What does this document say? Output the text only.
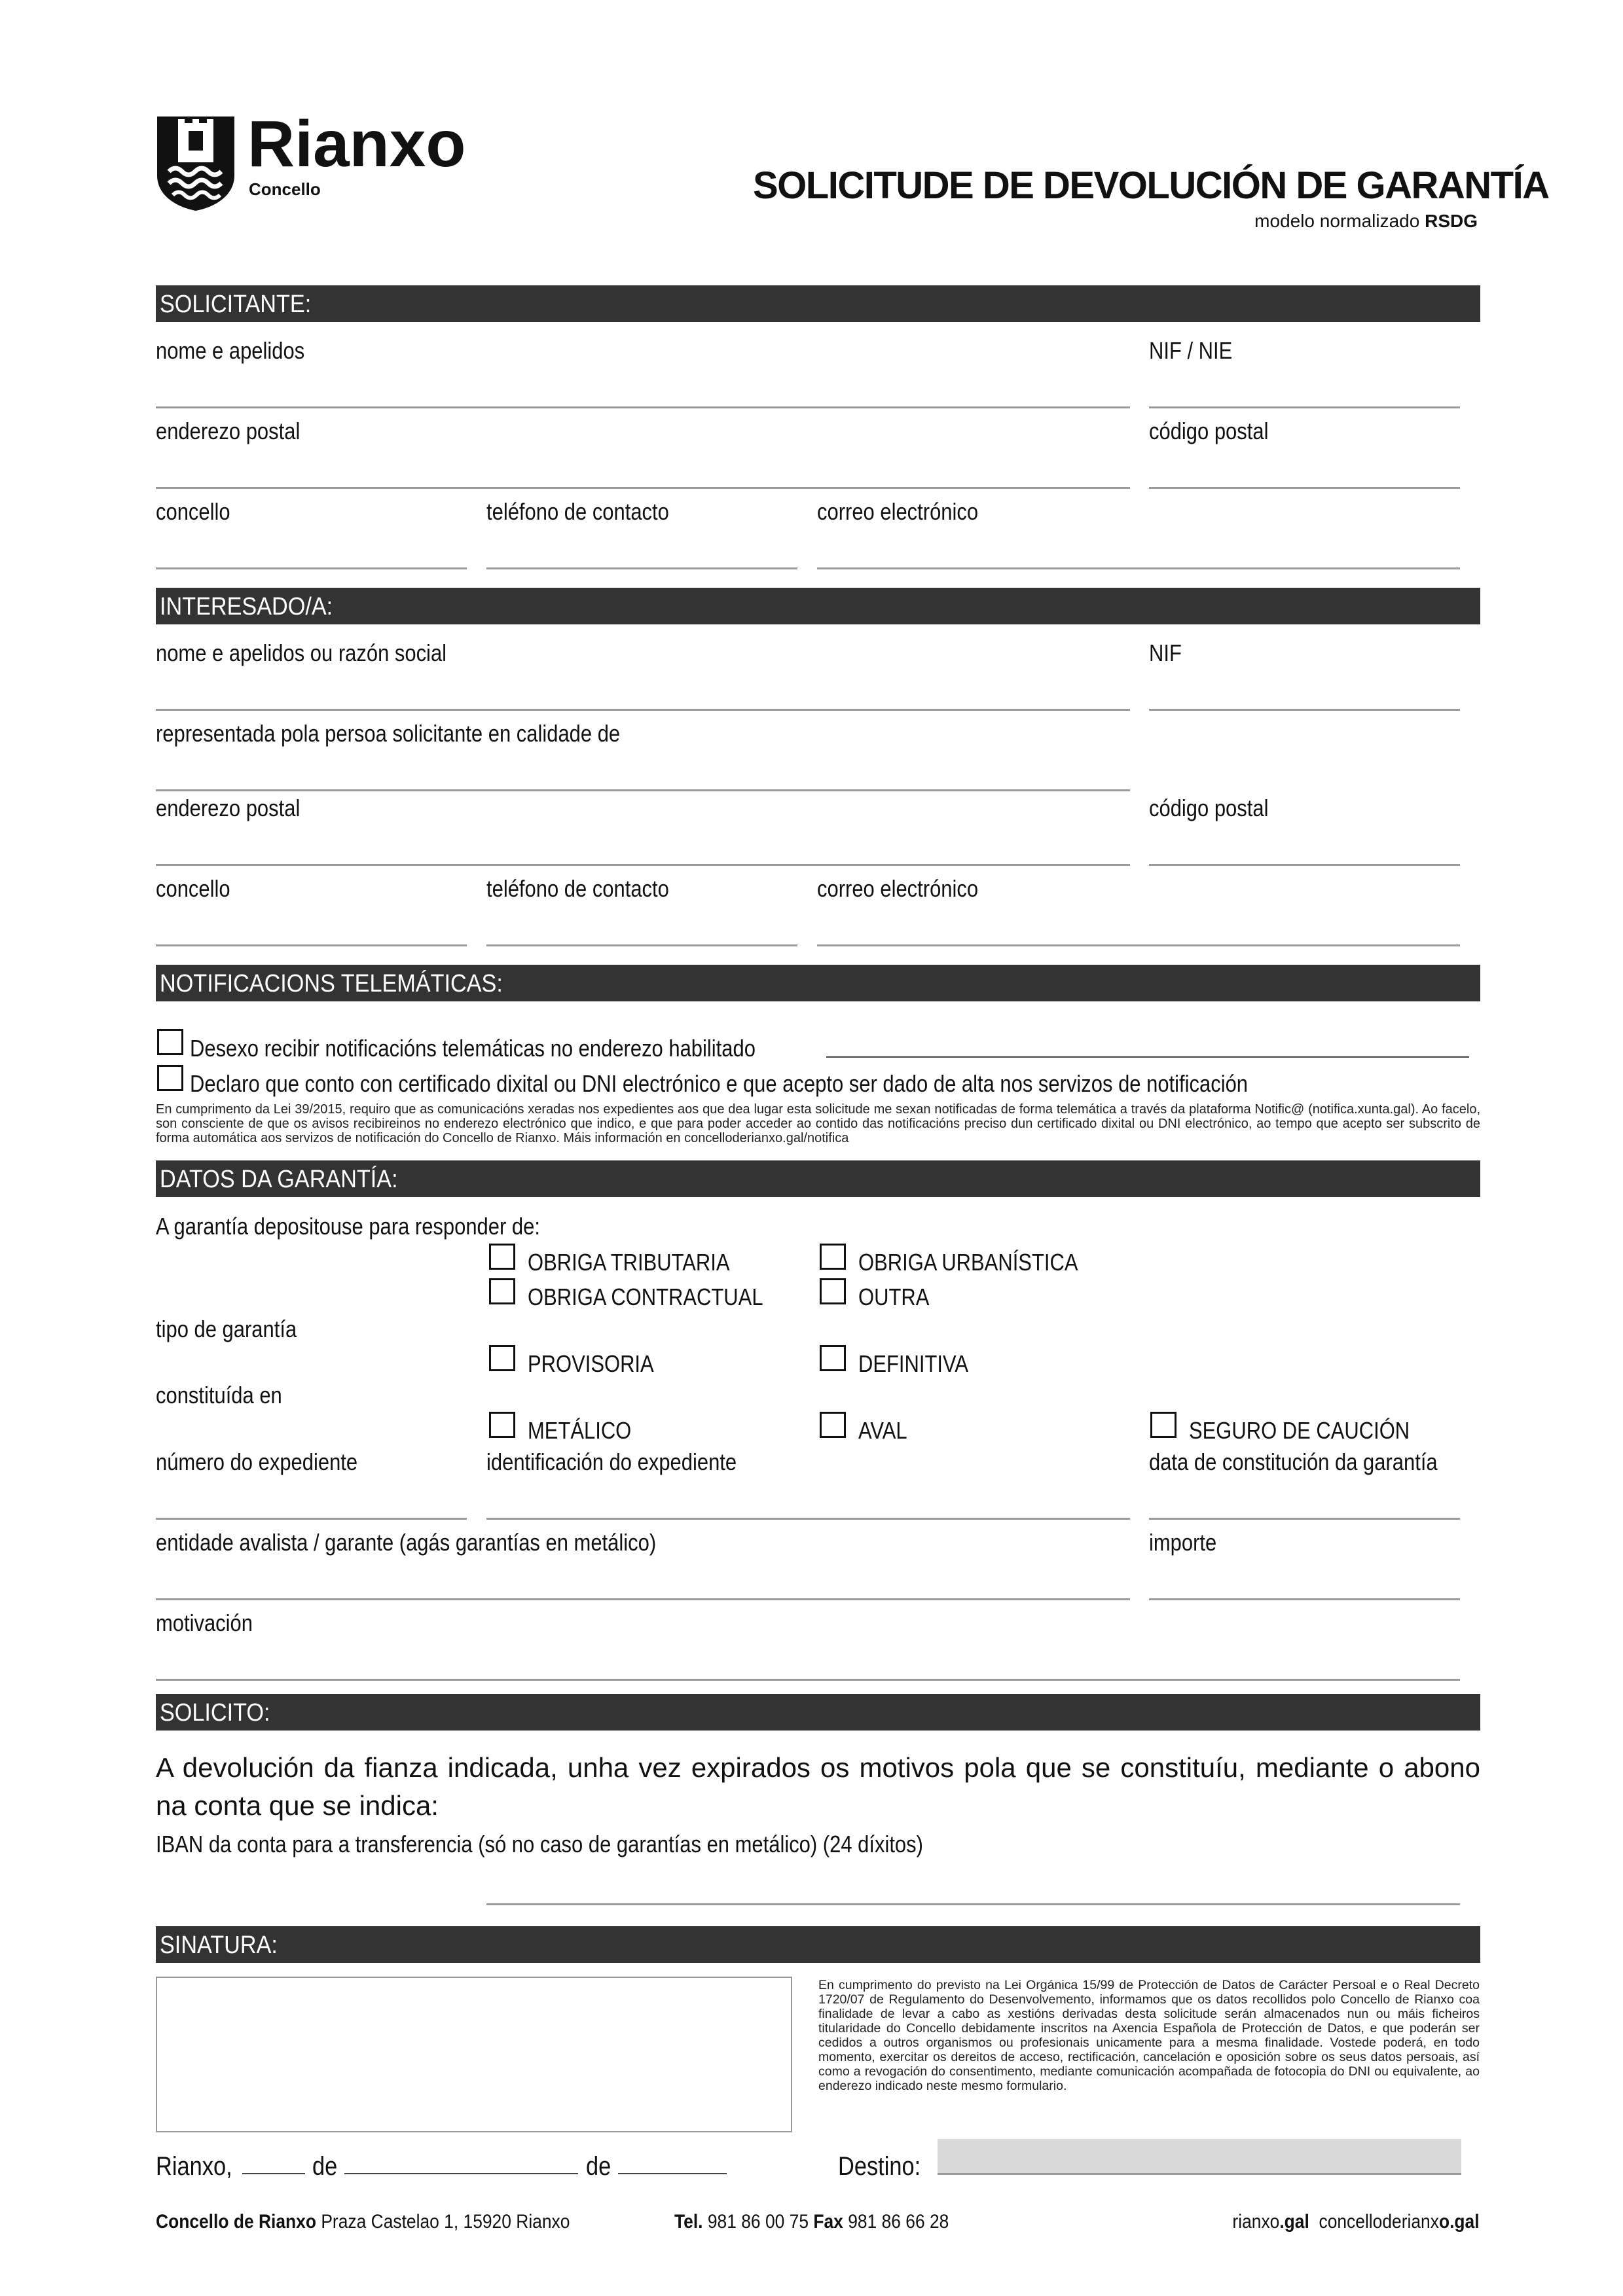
Rianxo
Concello	SOLICITUDE DE DEVOLUCIÓN DE GARANTÍA
modelo normalizado RSDG
SOLICITANTE:
nome e apelidos	NIF / NIE
enderezo postal	código postal
concello	teléfono de contacto	correo electrónico
INTERESADO/A:
nome e apelidos ou razón social	NIF
representada pola persoa solicitante en calidade de
enderezo postal	código postal
concello	teléfono de contacto	correo electrónico
NOTIFICACIONS TELEMÁTICAS:
Desexo recibir notificacións telemáticas no enderezo habilitado
Declaro que conto con certificado dixital ou DNI electrónico e que acepto ser dado de alta nos servizos de notificación
En cumprimento da Lei 39/2015, requiro que as comunicacións xeradas nos expedientes aos que dea lugar esta solicitude me sexan notificadas de forma telemática a través da plataforma Notific@ (notifica.xunta.gal). Ao facelo, son consciente de que os avisos recibireinos no enderezo electrónico que indico, e que para poder acceder ao contido das notificacións preciso dun certificado dixital ou DNI electrónico, ao tempo que acepto ser subscrito de forma automática aos servizos de notificación do Concello de Rianxo. Máis información en concelloderianxo.gal/notifica
DATOS DA GARANTÍA:
A garantía depositouse para responder de:
OBRIGA TRIBUTARIA	OBRIGA URBANÍSTICA
OBRIGA CONTRACTUAL	OUTRA
tipo de garantía
PROVISORIA	DEFINITIVA
constituída en
METÁLICO	AVAL	SEGURO DE CAUCIÓN
número do expediente	identificación do expediente	data de constitución da garantía
entidade avalista / garante (agás garantías en metálico)	importe
motivación
SOLICITO:
A devolución da fianza indicada, unha vez expirados os motivos pola que se constituíu, mediante o abono na conta que se indica:
IBAN da conta para a transferencia (só no caso de garantías en metálico) (24 díxitos)
SINATURA:
En cumprimento do previsto na Lei Orgánica 15/99 de Protección de Datos de Carácter Persoal e o Real Decreto 1720/07 de Regulamento do Desenvolvemento, informamos que os datos recollidos polo Concello de Rianxo coa finalidade de levar a cabo as xestións derivadas desta solicitude serán almacenados nun ou máis ficheiros titularidade do Concello debidamente inscritos na Axencia Española de Protección de Datos, e que poderán ser cedidos a outros organismos ou profesionais unicamente para a mesma finalidade. Vostede poderá, en todo momento, exercitar os dereitos de acceso, rectificación, cancelación e oposición sobre os seus datos persoais, así como a revogación do consentimento, mediante comunicación acompañada de fotocopia do DNI ou equivalente, ao enderezo indicado neste mesmo formulario.
Rianxo,	de	de	Destino:
Concello de Rianxo Praza Castelao 1, 15920 Rianxo	Tel. 981 86 00 75 Fax 981 86 66 28	rianxo.gal concelloderianxo.gal
